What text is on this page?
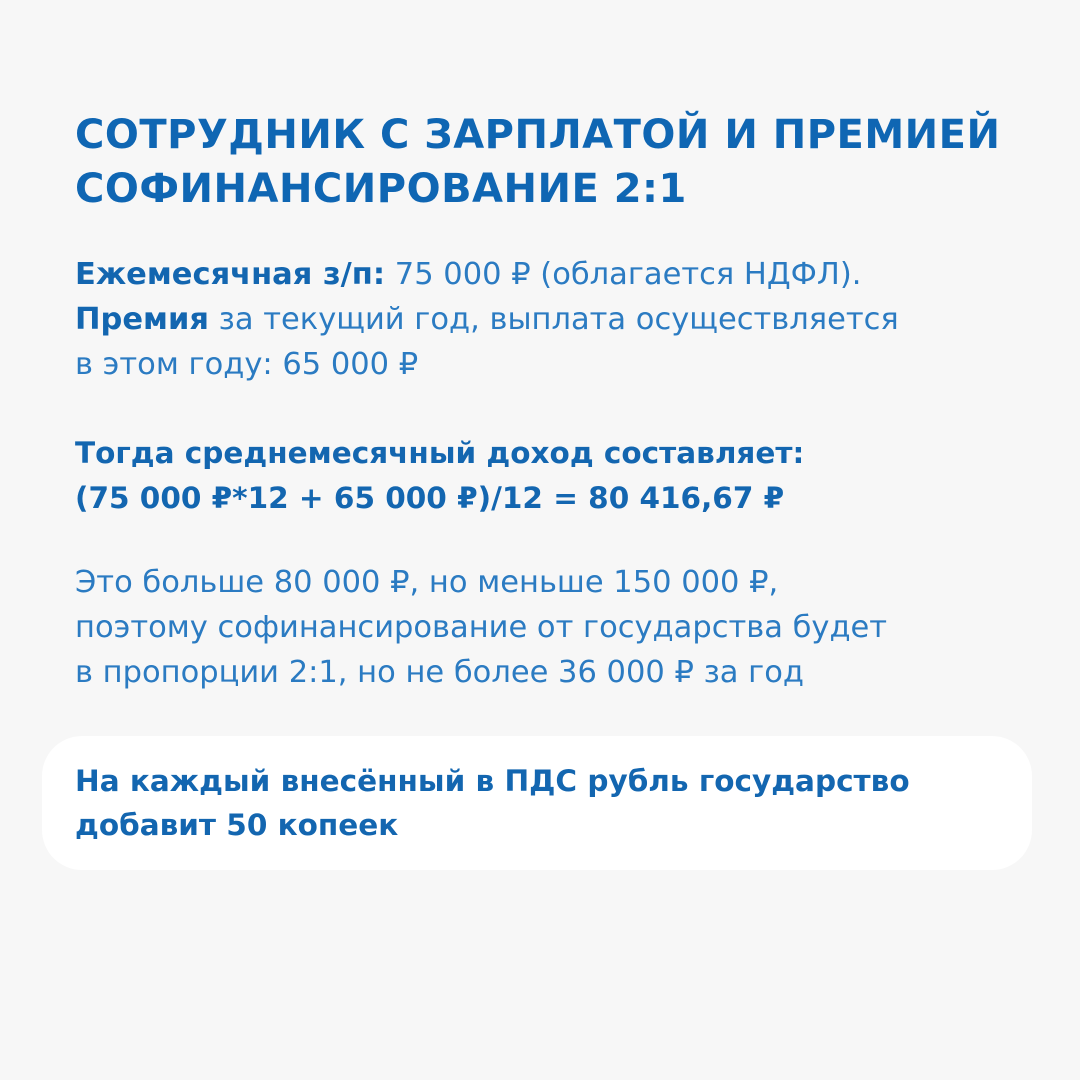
СОТРУДНИК С ЗАРПЛАТОЙ И ПРЕМИЕЙ
СОФИНАНСИРОВАНИЕ 2:1
Ежемесячная з/п: 75 000 ₽ (облагается НДФЛ).
Премия за текущий год, выплата осуществляется
в этом году: 65 000 ₽
Тогда среднемесячный доход составляет:
(75 000 ₽*12 + 65 000 ₽)/12 = 80 416,67 ₽
Это больше 80 000 ₽, но меньше 150 000 ₽,
поэтому софинансирование от государства будет
в пропорции 2:1, но не более 36 000 ₽ за год
На каждый внесённый в ПДС рубль государство
добавит 50 копеек
